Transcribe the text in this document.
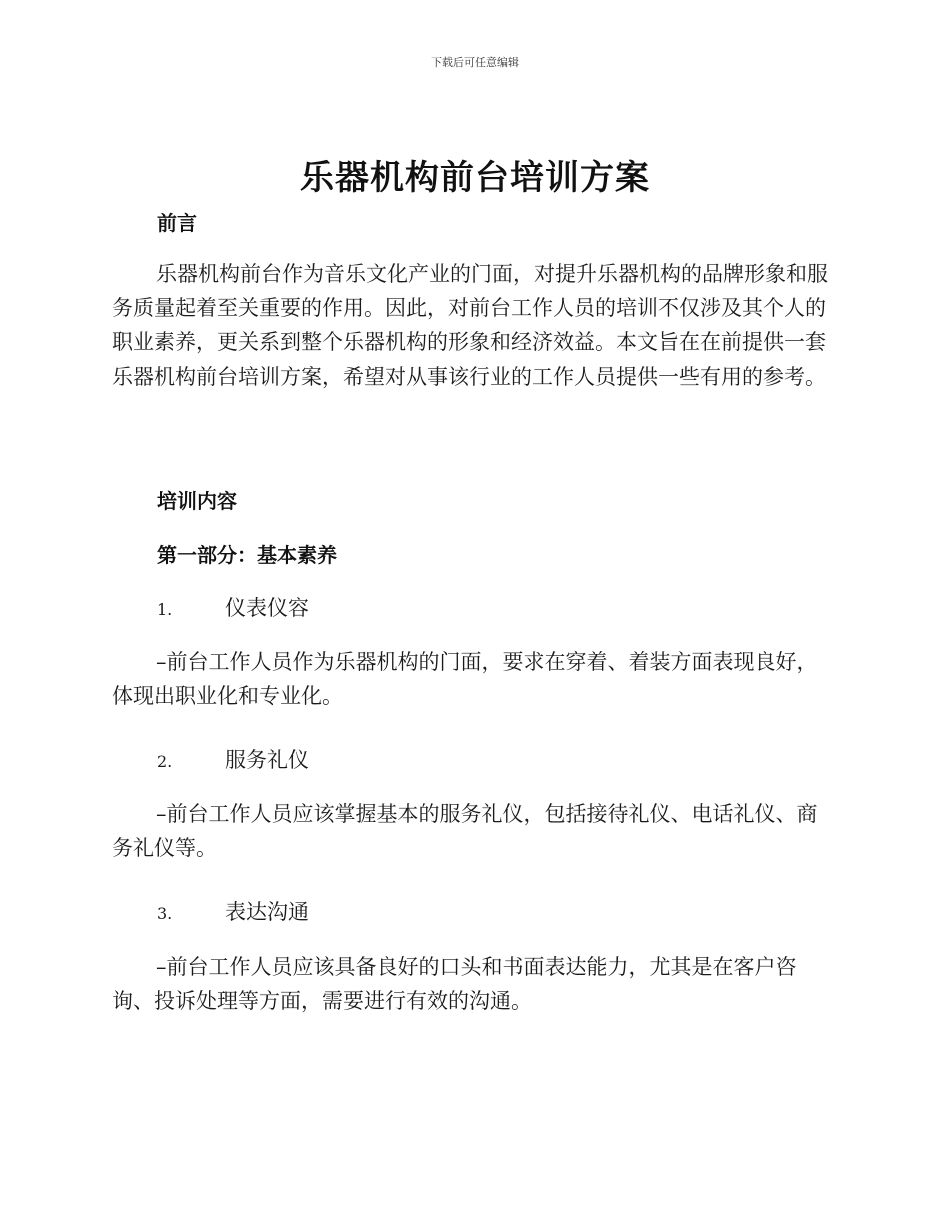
下载后可任意编辑
乐器机构前台培训方案
前言

乐器机构前台作为音乐文化产业的门面，对提升乐器机构的品牌形象和服务质量起着至关重要的作用。因此，对前台工作人员的培训不仅涉及其个人的职业素养，更关系到整个乐器机构的形象和经济效益。本文旨在在前提供一套乐器机构前台培训方案，希望对从事该行业的工作人员提供一些有用的参考。

培训内容
第一部分：基本素养
1.	仪表仪容

–前台工作人员作为乐器机构的门面，要求在穿着、着装方面表现良好，体现出职业化和专业化。

2.	服务礼仪

–前台工作人员应该掌握基本的服务礼仪，包括接待礼仪、电话礼仪、商务礼仪等。

3.	表达沟通

–前台工作人员应该具备良好的口头和书面表达能力，尤其是在客户咨询、投诉处理等方面，需要进行有效的沟通。
